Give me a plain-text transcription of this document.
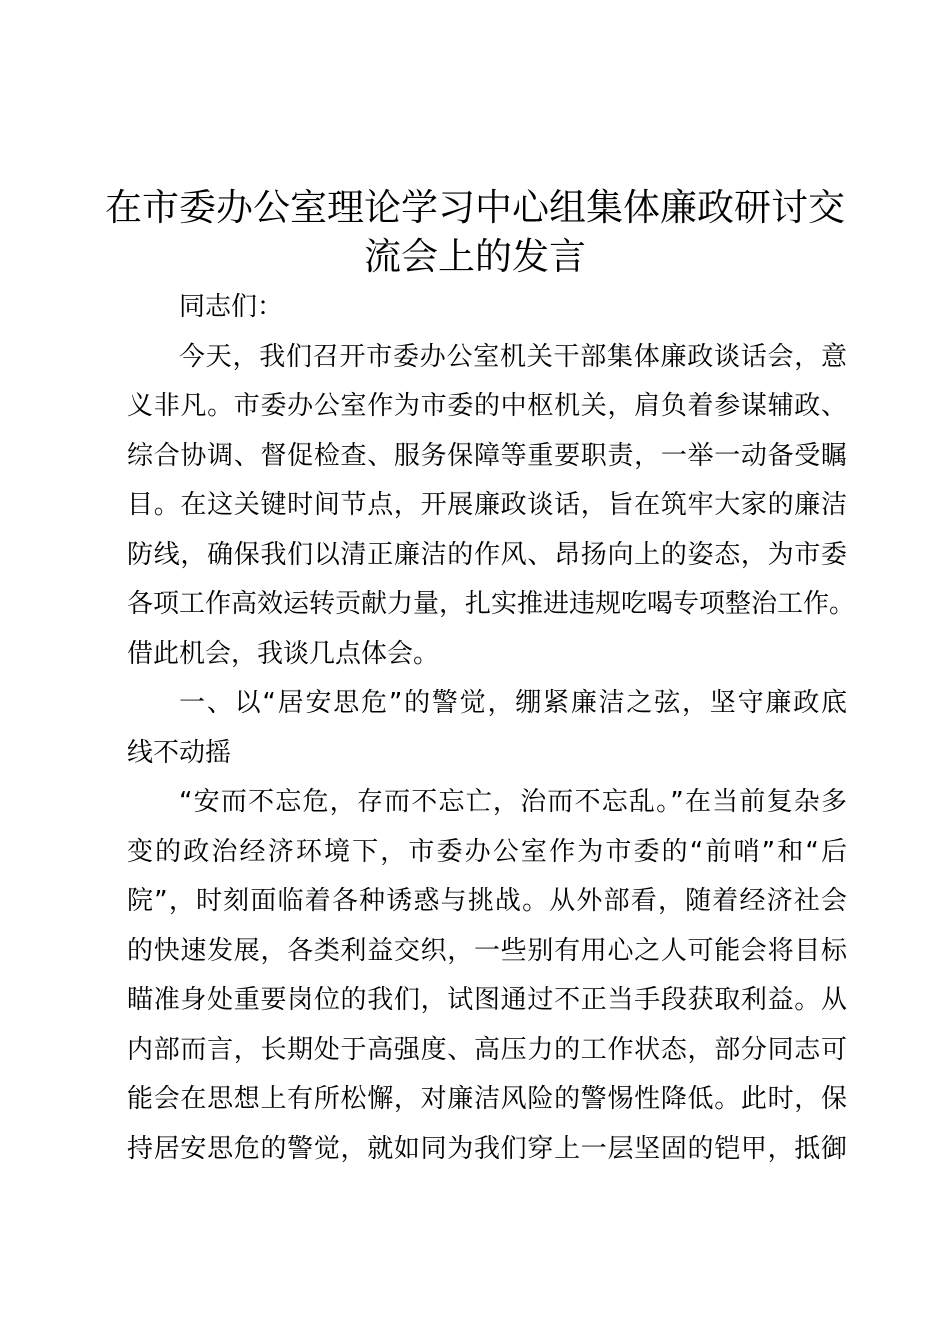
在市委办公室理论学习中心组集体廉政研讨交
流会上的发言
同志们：
今天，我们召开市委办公室机关干部集体廉政谈话会，意
义非凡。市委办公室作为市委的中枢机关，肩负着参谋辅政、
综合协调、督促检查、服务保障等重要职责，一举一动备受瞩
目。在这关键时间节点，开展廉政谈话，旨在筑牢大家的廉洁
防线，确保我们以清正廉洁的作风、昂扬向上的姿态，为市委
各项工作高效运转贡献力量，扎实推进违规吃喝专项整治工作。
借此机会，我谈几点体会。
一、以“居安思危”的警觉，绷紧廉洁之弦，坚守廉政底
线不动摇
“安而不忘危，存而不忘亡，治而不忘乱。”在当前复杂多
变的政治经济环境下，市委办公室作为市委的“前哨”和“后
院”，时刻面临着各种诱惑与挑战。从外部看，随着经济社会
的快速发展，各类利益交织，一些别有用心之人可能会将目标
瞄准身处重要岗位的我们，试图通过不正当手段获取利益。从
内部而言，长期处于高强度、高压力的工作状态，部分同志可
能会在思想上有所松懈，对廉洁风险的警惕性降低。此时，保
持居安思危的警觉，就如同为我们穿上一层坚固的铠甲，抵御
